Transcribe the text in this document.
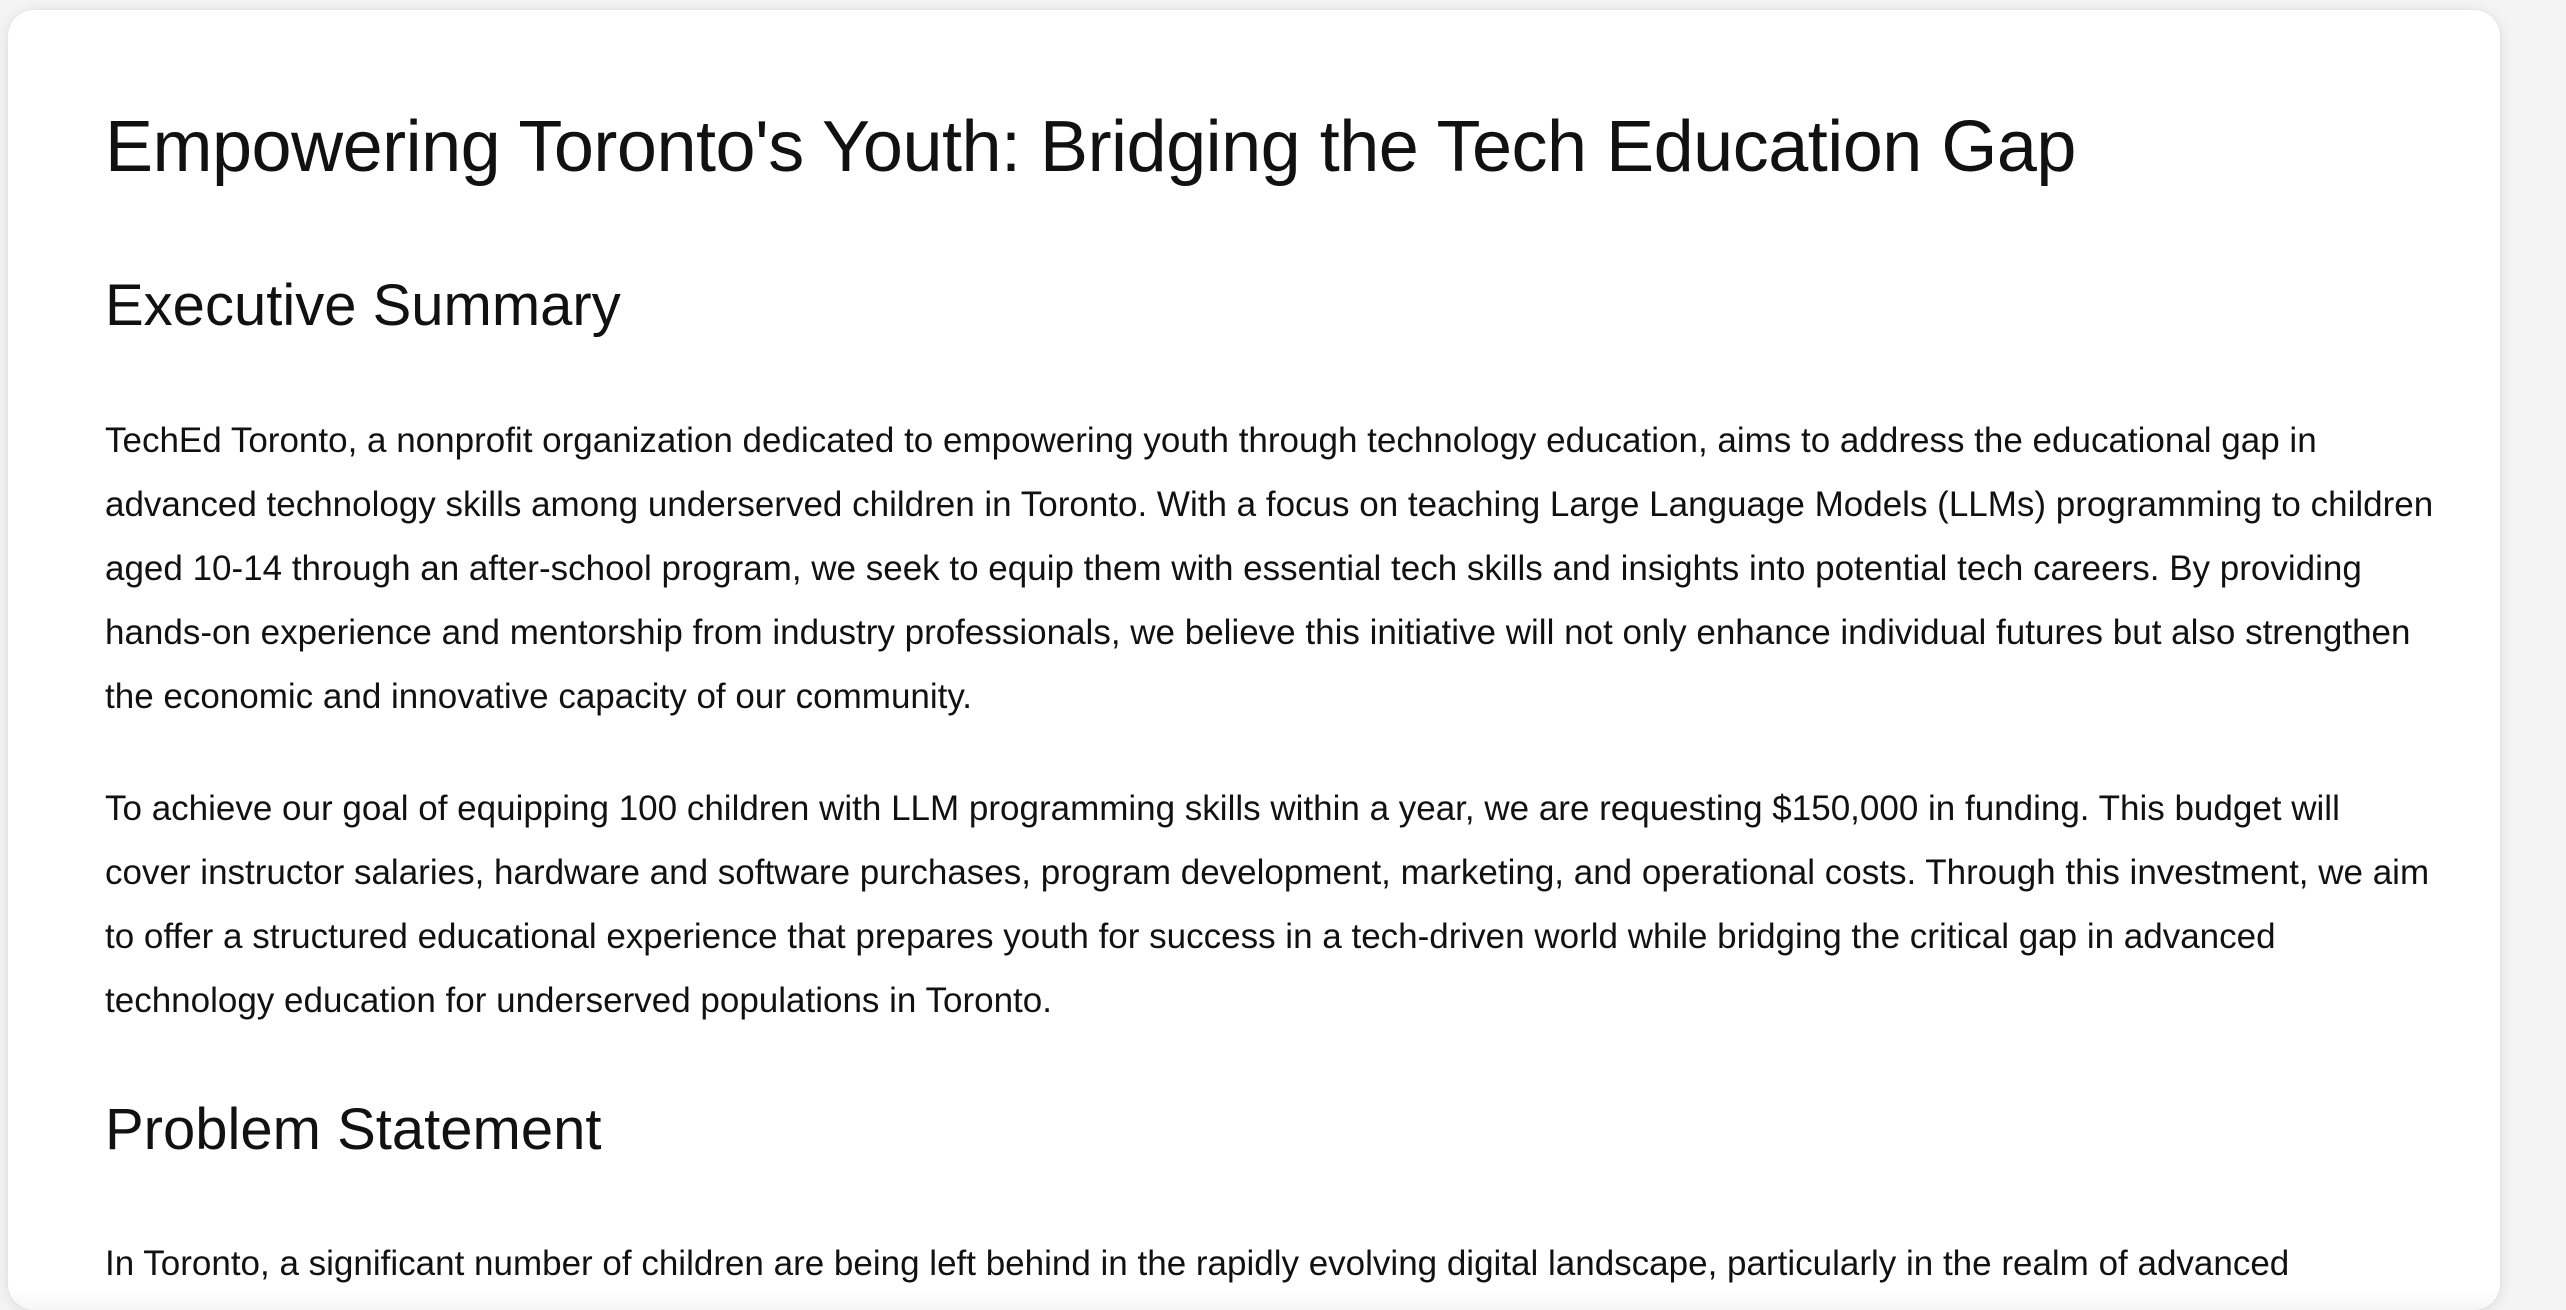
Empowering Toronto's Youth: Bridging the Tech Education Gap
Executive Summary

TechEd Toronto, a nonprofit organization dedicated to empowering youth through technology education, aims to address the educational gap in advanced technology skills among underserved children in Toronto. With a focus on teaching Large Language Models (LLMs) programming to children aged 10-14 through an after-school program, we seek to equip them with essential tech skills and insights into potential tech careers. By providing hands-on experience and mentorship from industry professionals, we believe this initiative will not only enhance individual futures but also strengthen the economic and innovative capacity of our community.

To achieve our goal of equipping 100 children with LLM programming skills within a year, we are requesting $150,000 in funding. This budget will cover instructor salaries, hardware and software purchases, program development, marketing, and operational costs. Through this investment, we aim to offer a structured educational experience that prepares youth for success in a tech-driven world while bridging the critical gap in advanced technology education for underserved populations in Toronto.

Problem Statement

In Toronto, a significant number of children are being left behind in the rapidly evolving digital landscape, particularly in the realm of advanced
